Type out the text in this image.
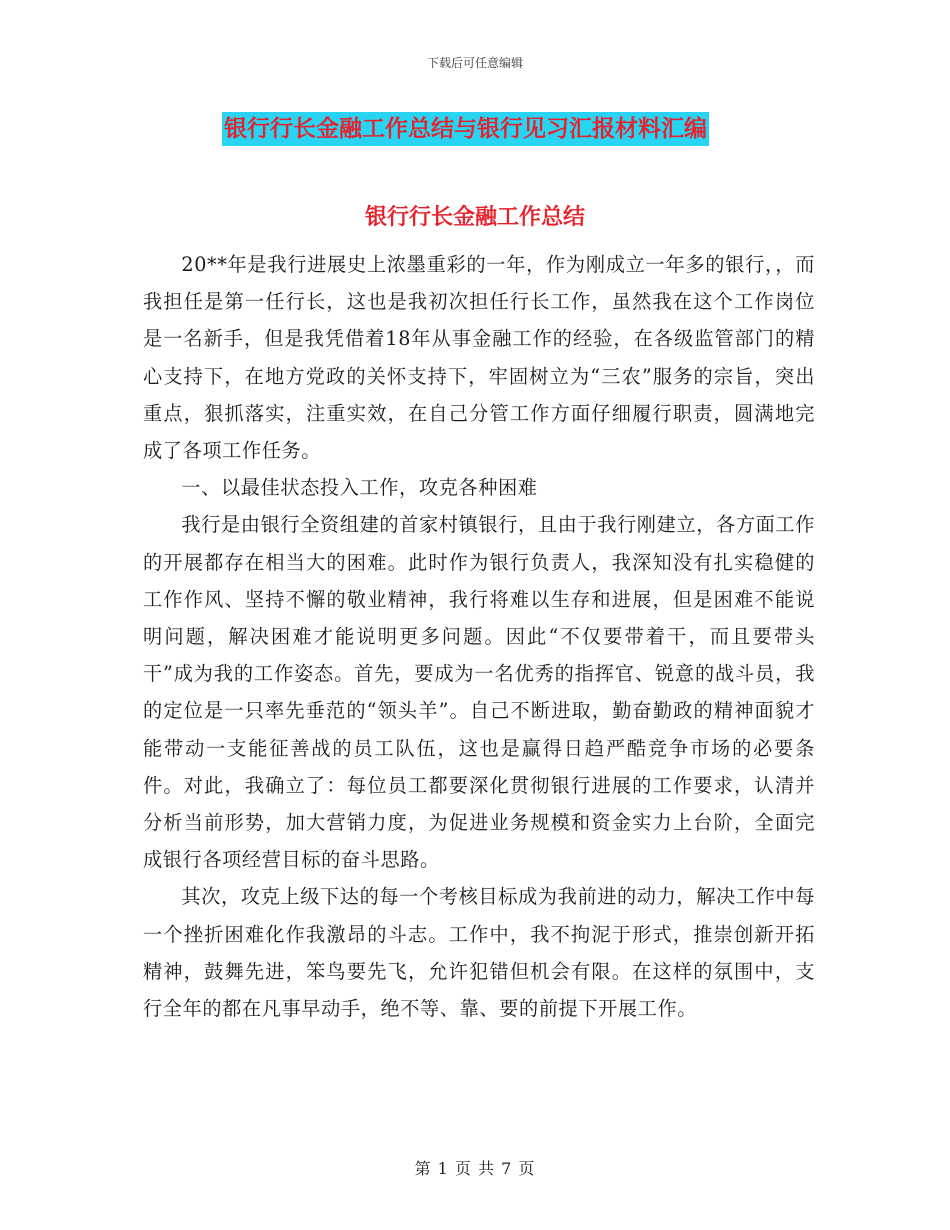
下载后可任意编辑
银行行长金融工作总结与银行见习汇报材料汇编
银行行长金融工作总结

20**年是我行进展史上浓墨重彩的一年，作为刚成立一年多的银行，，而我担任是第一任行长，这也是我初次担任行长工作，虽然我在这个工作岗位是一名新手，但是我凭借着18年从事金融工作的经验，在各级监管部门的精心支持下，在地方党政的关怀支持下，牢固树立为“三农”服务的宗旨，突出重点，狠抓落实，注重实效，在自己分管工作方面仔细履行职责，圆满地完成了各项工作任务。

一、以最佳状态投入工作，攻克各种困难

我行是由银行全资组建的首家村镇银行，且由于我行刚建立，各方面工作的开展都存在相当大的困难。此时作为银行负责人，我深知没有扎实稳健的工作作风、坚持不懈的敬业精神，我行将难以生存和进展，但是困难不能说明问题，解决困难才能说明更多问题。因此“不仅要带着干，而且要带头干”成为我的工作姿态。首先，要成为一名优秀的指挥官、锐意的战斗员，我的定位是一只率先垂范的“领头羊”。自己不断进取，勤奋勤政的精神面貌才能带动一支能征善战的员工队伍，这也是赢得日趋严酷竞争市场的必要条件。对此，我确立了：每位员工都要深化贯彻银行进展的工作要求，认清并分析当前形势，加大营销力度，为促进业务规模和资金实力上台阶，全面完成银行各项经营目标的奋斗思路。

其次，攻克上级下达的每一个考核目标成为我前进的动力，解决工作中每一个挫折困难化作我激昂的斗志。工作中，我不拘泥于形式，推崇创新开拓精神，鼓舞先进，笨鸟要先飞，允许犯错但机会有限。在这样的氛围中，支行全年的都在凡事早动手，绝不等、靠、要的前提下开展工作。

第 1 页 共 7 页
